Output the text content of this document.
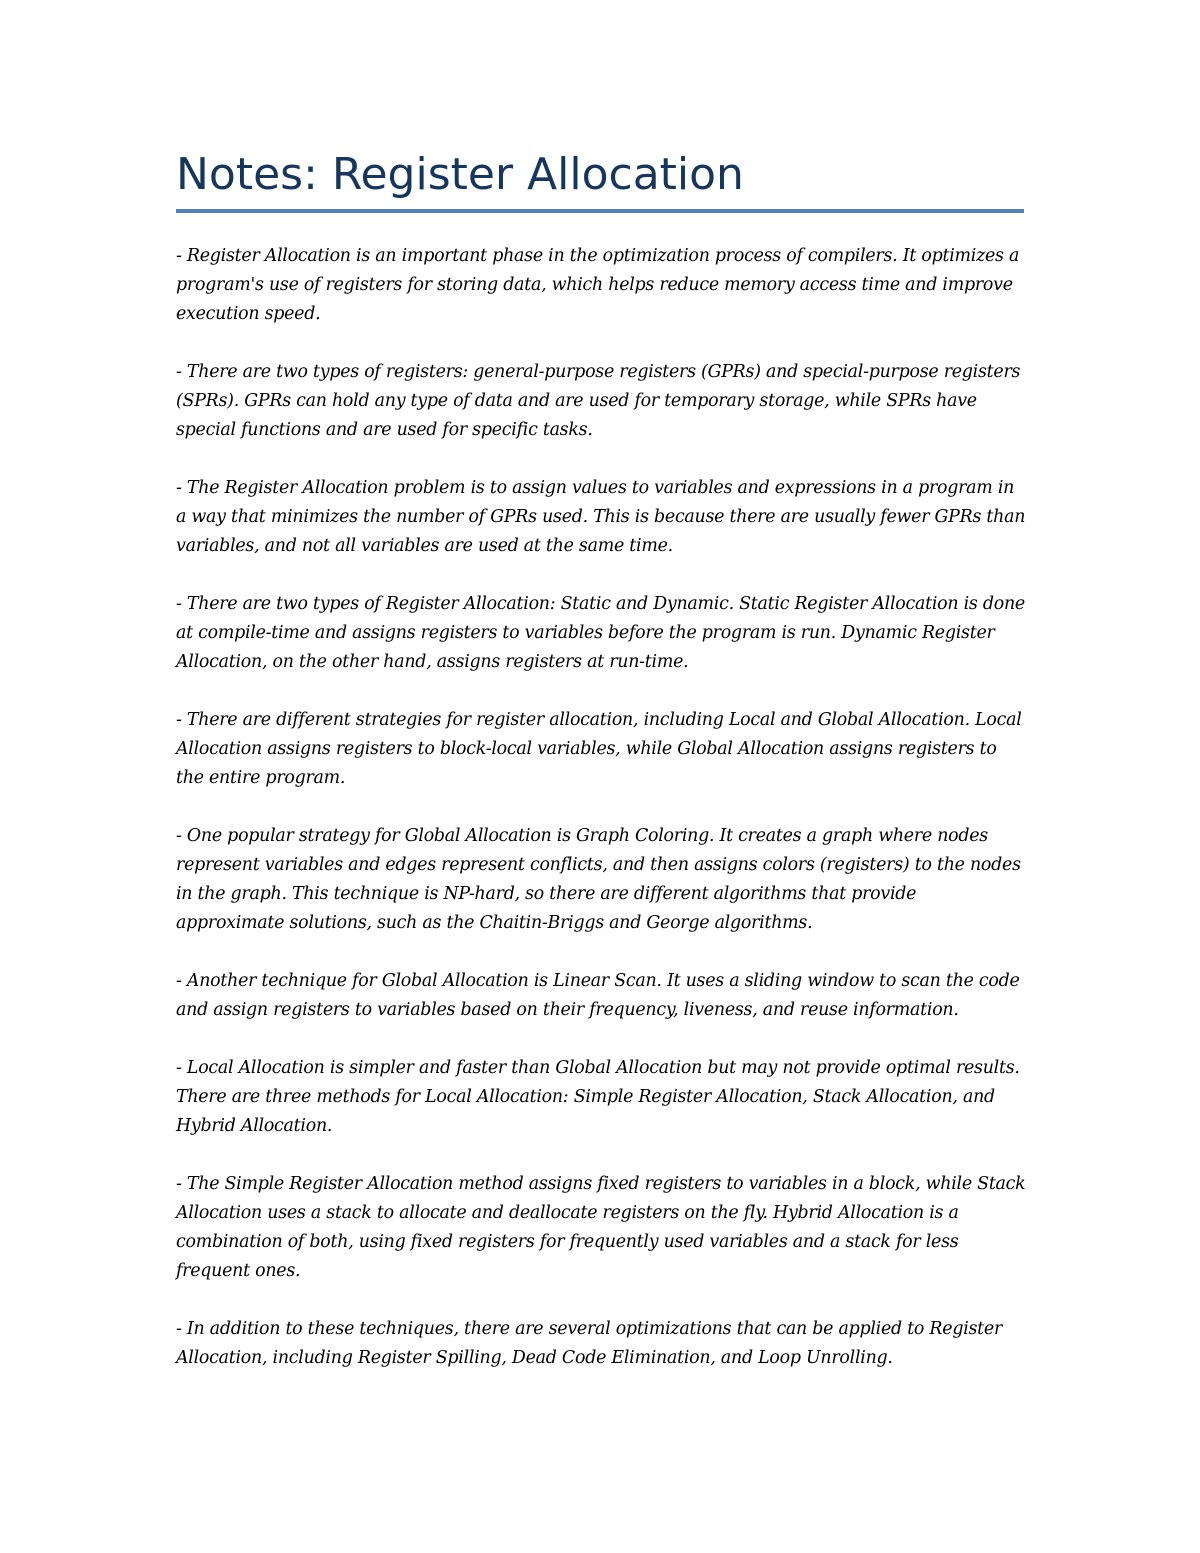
Notes: Register Allocation

- Register Allocation is an important phase in the optimization process of compilers. It optimizes a program's use of registers for storing data, which helps reduce memory access time and improve execution speed.

- There are two types of registers: general-purpose registers (GPRs) and special-purpose registers (SPRs). GPRs can hold any type of data and are used for temporary storage, while SPRs have special functions and are used for specific tasks.

- The Register Allocation problem is to assign values to variables and expressions in a program in a way that minimizes the number of GPRs used. This is because there are usually fewer GPRs than variables, and not all variables are used at the same time.

- There are two types of Register Allocation: Static and Dynamic. Static Register Allocation is done at compile-time and assigns registers to variables before the program is run. Dynamic Register Allocation, on the other hand, assigns registers at run-time.

- There are different strategies for register allocation, including Local and Global Allocation. Local Allocation assigns registers to block-local variables, while Global Allocation assigns registers to the entire program.

- One popular strategy for Global Allocation is Graph Coloring. It creates a graph where nodes represent variables and edges represent conflicts, and then assigns colors (registers) to the nodes in the graph. This technique is NP-hard, so there are different algorithms that provide approximate solutions, such as the Chaitin-Briggs and George algorithms.

- Another technique for Global Allocation is Linear Scan. It uses a sliding window to scan the code and assign registers to variables based on their frequency, liveness, and reuse information.

- Local Allocation is simpler and faster than Global Allocation but may not provide optimal results. There are three methods for Local Allocation: Simple Register Allocation, Stack Allocation, and Hybrid Allocation.

- The Simple Register Allocation method assigns fixed registers to variables in a block, while Stack Allocation uses a stack to allocate and deallocate registers on the fly. Hybrid Allocation is a combination of both, using fixed registers for frequently used variables and a stack for less frequent ones.

- In addition to these techniques, there are several optimizations that can be applied to Register Allocation, including Register Spilling, Dead Code Elimination, and Loop Unrolling.
